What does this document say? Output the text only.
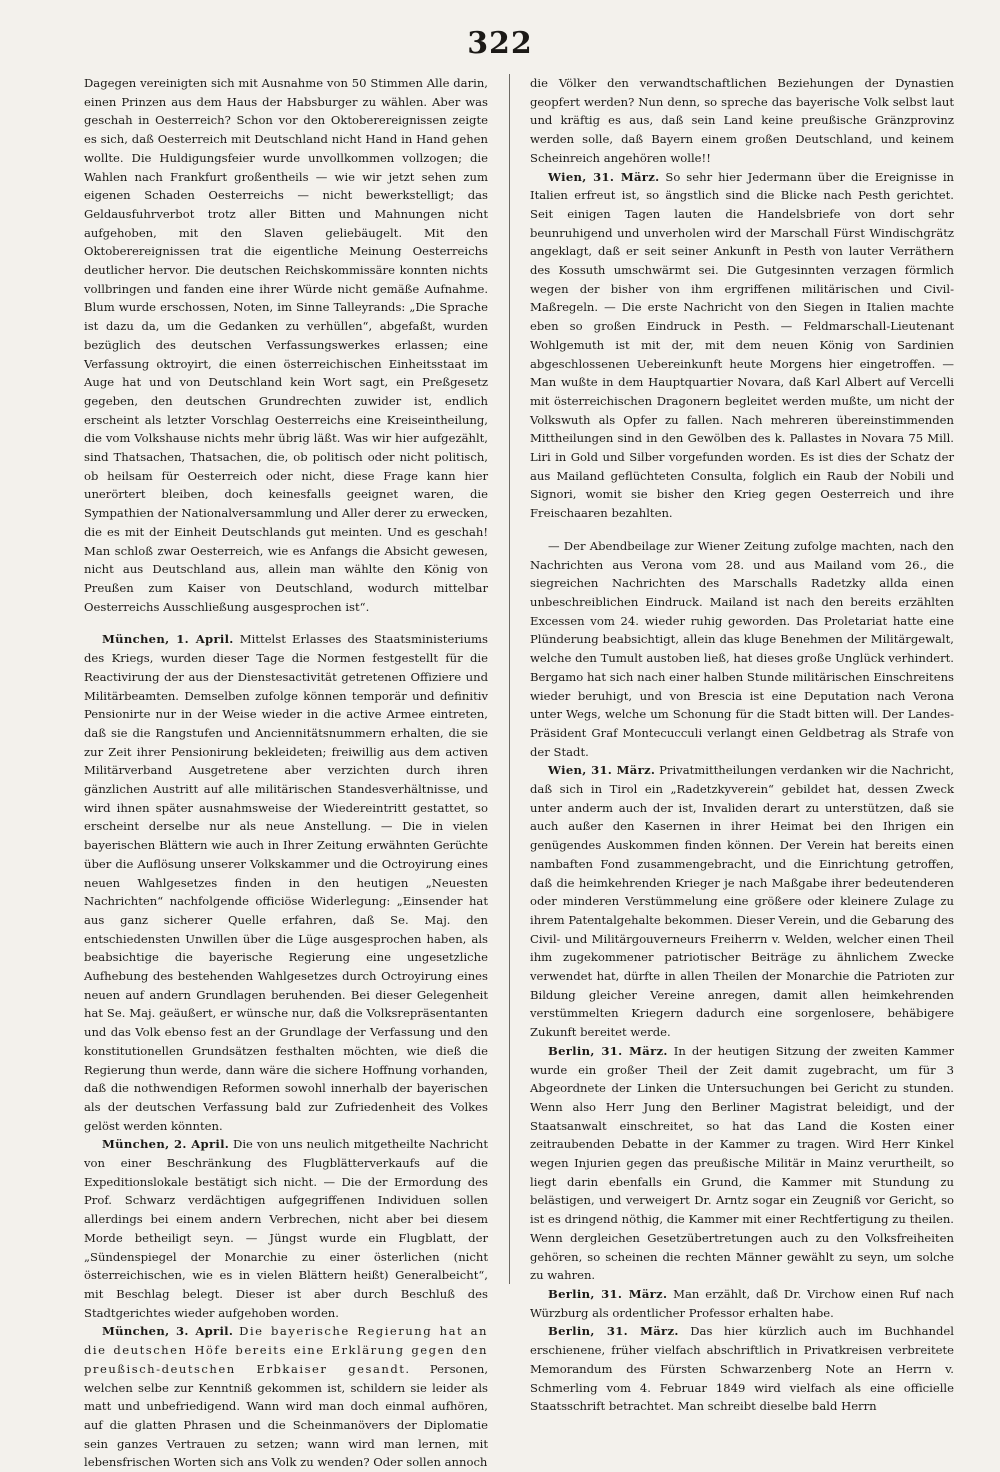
322

Dagegen vereinigten sich mit Ausnahme von 50 Stimmen Alle darin, einen Prinzen aus dem Haus der Habsburger zu wählen. Aber was geschah in Oesterreich? Schon vor den Oktoberereignissen zeigte es sich, daß Oesterreich mit Deutschland nicht Hand in Hand gehen wollte. Die Huldigungsfeier wurde unvollkommen vollzogen; die Wahlen nach Frankfurt großentheils — wie wir jetzt sehen zum eigenen Schaden Oesterreichs — nicht bewerkstelligt; das Geldausfuhrverbot trotz aller Bitten und Mahnungen nicht aufgehoben, mit den Slaven geliebäugelt. Mit den Oktoberereignissen trat die eigentliche Meinung Oesterreichs deutlicher hervor. Die deutschen Reichskommissäre konnten nichts vollbringen und fanden eine ihrer Würde nicht gemäße Aufnahme. Blum wurde erschossen, Noten, im Sinne Talleyrands: „Die Sprache ist dazu da, um die Gedanken zu verhüllen“, abgefaßt, wurden bezüglich des deutschen Verfassungswerkes erlassen; eine Verfassung oktroyirt, die einen österreichischen Einheitsstaat im Auge hat und von Deutschland kein Wort sagt, ein Preßgesetz gegeben, den deutschen Grundrechten zuwider ist, endlich erscheint als letzter Vorschlag Oesterreichs eine Kreiseintheilung, die vom Volkshause nichts mehr übrig läßt. Was wir hier aufgezählt, sind Thatsachen, Thatsachen, die, ob politisch oder nicht politisch, ob heilsam für Oesterreich oder nicht, diese Frage kann hier unerörtert bleiben, doch keinesfalls geeignet waren, die Sympathien der Nationalversammlung und Aller derer zu erwecken, die es mit der Einheit Deutschlands gut meinten. Und es geschah! Man schloß zwar Oesterreich, wie es Anfangs die Absicht gewesen, nicht aus Deutschland aus, allein man wählte den König von Preußen zum Kaiser von Deutschland, wodurch mittelbar Oesterreichs Ausschließung ausgesprochen ist“.

München, 1. April. Mittelst Erlasses des Staatsministeriums des Kriegs, wurden dieser Tage die Normen festgestellt für die Reactivirung der aus der Dienstesactivität getretenen Offiziere und Militärbeamten. Demselben zufolge können temporär und definitiv Pensionirte nur in der Weise wieder in die active Armee eintreten, daß sie die Rangstufen und Anciennitätsnummern erhalten, die sie zur Zeit ihrer Pensionirung bekleideten; freiwillig aus dem activen Militärverband Ausgetretene aber verzichten durch ihren gänzlichen Austritt auf alle militärischen Standesverhältnisse, und wird ihnen später ausnahmsweise der Wiedereintritt gestattet, so erscheint derselbe nur als neue Anstellung. — Die in vielen bayerischen Blättern wie auch in Ihrer Zeitung erwähnten Gerüchte über die Auflösung unserer Volkskammer und die Octroyirung eines neuen Wahlgesetzes finden in den heutigen „Neuesten Nachrichten“ nachfolgende officiöse Widerlegung: „Einsender hat aus ganz sicherer Quelle erfahren, daß Se. Maj. den entschiedensten Unwillen über die Lüge ausgesprochen haben, als beabsichtige die bayerische Regierung eine ungesetzliche Aufhebung des bestehenden Wahlgesetzes durch Octroyirung eines neuen auf andern Grundlagen beruhenden. Bei dieser Gelegenheit hat Se. Maj. geäußert, er wünsche nur, daß die Volksrepräsentanten und das Volk ebenso fest an der Grundlage der Verfassung und den konstitutionellen Grundsätzen festhalten möchten, wie dieß die Regierung thun werde, dann wäre die sichere Hoffnung vorhanden, daß die nothwendigen Reformen sowohl innerhalb der bayerischen als der deutschen Verfassung bald zur Zufriedenheit des Volkes gelöst werden könnten.

München, 2. April. Die von uns neulich mitgetheilte Nachricht von einer Beschränkung des Flugblätterverkaufs auf die Expeditionslokale bestätigt sich nicht. — Die der Ermordung des Prof. Schwarz verdächtigen aufgegriffenen Individuen sollen allerdings bei einem andern Verbrechen, nicht aber bei diesem Morde betheiligt seyn. — Jüngst wurde ein Flugblatt, der „Sündenspiegel der Monarchie zu einer österlichen (nicht österreichischen, wie es in vielen Blättern heißt) Generalbeicht“, mit Beschlag belegt. Dieser ist aber durch Beschluß des Stadtgerichtes wieder aufgehoben worden.

München, 3. April. Die bayerische Regierung hat an die deutschen Höfe bereits eine Erklärung gegen den preußisch-deutschen Erbkaiser gesandt. Personen, welchen selbe zur Kenntniß gekommen ist, schildern sie leider als matt und unbefriedigend. Wann wird man doch einmal aufhören, auf die glatten Phrasen und die Scheinmanövers der Diplomatie sein ganzes Vertrauen zu setzen; wann wird man lernen, mit lebensfrischen Worten sich ans Volk zu wenden? Oder sollen annoch

die Völker den verwandtschaftlichen Beziehungen der Dynastien geopfert werden? Nun denn, so spreche das bayerische Volk selbst laut und kräftig es aus, daß sein Land keine preußische Gränzprovinz werden solle, daß Bayern einem großen Deutschland, und keinem Scheinreich angehören wolle!!

Wien, 31. März. So sehr hier Jedermann über die Ereignisse in Italien erfreut ist, so ängstlich sind die Blicke nach Pesth gerichtet. Seit einigen Tagen lauten die Handelsbriefe von dort sehr beunruhigend und unverholen wird der Marschall Fürst Windischgrätz angeklagt, daß er seit seiner Ankunft in Pesth von lauter Verräthern des Kossuth umschwärmt sei. Die Gutgesinnten verzagen förmlich wegen der bisher von ihm ergriffenen militärischen und Civil-Maßregeln. — Die erste Nachricht von den Siegen in Italien machte eben so großen Eindruck in Pesth. — Feldmarschall-Lieutenant Wohlgemuth ist mit der, mit dem neuen König von Sardinien abgeschlossenen Uebereinkunft heute Morgens hier eingetroffen. — Man wußte in dem Hauptquartier Novara, daß Karl Albert auf Vercelli mit österreichischen Dragonern begleitet werden mußte, um nicht der Volkswuth als Opfer zu fallen. Nach mehreren übereinstimmenden Mittheilungen sind in den Gewölben des k. Pallastes in Novara 75 Mill. Liri in Gold und Silber vorgefunden worden. Es ist dies der Schatz der aus Mailand geflüchteten Consulta, folglich ein Raub der Nobili und Signori, womit sie bisher den Krieg gegen Oesterreich und ihre Freischaaren bezahlten.

— Der Abendbeilage zur Wiener Zeitung zufolge machten, nach den Nachrichten aus Verona vom 28. und aus Mailand vom 26., die siegreichen Nachrichten des Marschalls Radetzky allda einen unbeschreiblichen Eindruck. Mailand ist nach den bereits erzählten Excessen vom 24. wieder ruhig geworden. Das Proletariat hatte eine Plünderung beabsichtigt, allein das kluge Benehmen der Militärgewalt, welche den Tumult austoben ließ, hat dieses große Unglück verhindert. Bergamo hat sich nach einer halben Stunde militärischen Einschreitens wieder beruhigt, und von Brescia ist eine Deputation nach Verona unter Wegs, welche um Schonung für die Stadt bitten will. Der Landes-Präsident Graf Montecucculi verlangt einen Geldbetrag als Strafe von der Stadt.

Wien, 31. März. Privatmittheilungen verdanken wir die Nachricht, daß sich in Tirol ein „Radetzkyverein“ gebildet hat, dessen Zweck unter anderm auch der ist, Invaliden derart zu unterstützen, daß sie auch außer den Kasernen in ihrer Heimat bei den Ihrigen ein genügendes Auskommen finden können. Der Verein hat bereits einen nambaften Fond zusammengebracht, und die Einrichtung getroffen, daß die heimkehrenden Krieger je nach Maßgabe ihrer bedeutenderen oder minderen Verstümmelung eine größere oder kleinere Zulage zu ihrem Patentalgehalte bekommen. Dieser Verein, und die Gebarung des Civil- und Militärgouverneurs Freiherrn v. Welden, welcher einen Theil ihm zugekommener patriotischer Beiträge zu ähnlichem Zwecke verwendet hat, dürfte in allen Theilen der Monarchie die Patrioten zur Bildung gleicher Vereine anregen, damit allen heimkehrenden verstümmelten Kriegern dadurch eine sorgenlosere, behäbigere Zukunft bereitet werde.

Berlin, 31. März. In der heutigen Sitzung der zweiten Kammer wurde ein großer Theil der Zeit damit zugebracht, um für 3 Abgeordnete der Linken die Untersuchungen bei Gericht zu stunden. Wenn also Herr Jung den Berliner Magistrat beleidigt, und der Staatsanwalt einschreitet, so hat das Land die Kosten einer zeitraubenden Debatte in der Kammer zu tragen. Wird Herr Kinkel wegen Injurien gegen das preußische Militär in Mainz verurtheilt, so liegt darin ebenfalls ein Grund, die Kammer mit Stundung zu belästigen, und verweigert Dr. Arntz sogar ein Zeugniß vor Gericht, so ist es dringend nöthig, die Kammer mit einer Rechtfertigung zu theilen. Wenn dergleichen Gesetzübertretungen auch zu den Volksfreiheiten gehören, so scheinen die rechten Männer gewählt zu seyn, um solche zu wahren.

Berlin, 31. März. Man erzählt, daß Dr. Virchow einen Ruf nach Würzburg als ordentlicher Professor erhalten habe.

Berlin, 31. März. Das hier kürzlich auch im Buchhandel erschienene, früher vielfach abschriftlich in Privatkreisen verbreitete Memorandum des Fürsten Schwarzenberg Note an Herrn v. Schmerling vom 4. Februar 1849 wird vielfach als eine officielle Staatsschrift betrachtet. Man schreibt dieselbe bald Herrn
